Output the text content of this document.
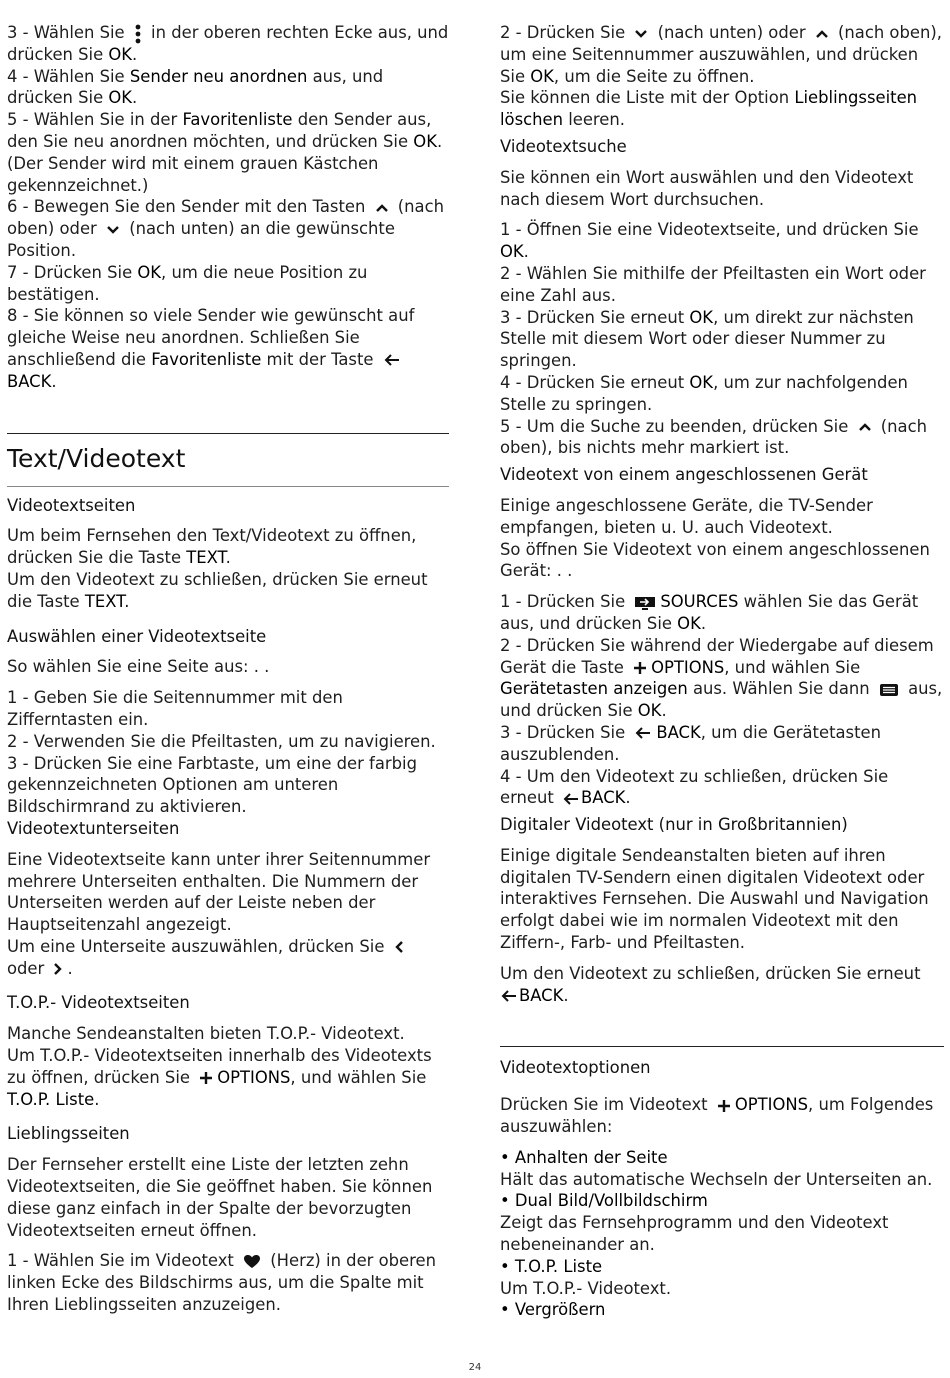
3 - Wählen Sie
in der oberen rechten Ecke aus, und drücken Sie OK.

4 - Wählen Sie Sender neu anordnen aus, und drücken Sie OK.

5 - Wählen Sie in der Favoritenliste den Sender aus, den Sie neu anordnen möchten, und drücken Sie OK. (Der Sender wird mit einem grauen Kästchen gekennzeichnet.)

6 - Bewegen Sie den Sender mit den Tasten
(nach oben) oder
(nach unten) an die gewünschte Position.

7 - Drücken Sie OK, um die neue Position zu bestätigen.

8 - Sie können so viele Sender wie gewünscht auf gleiche Weise neu anordnen. Schließen Sie anschließend die Favoritenliste mit der Taste
BACK.

Text/Videotext

Videotextseiten

Um beim Fernsehen den Text/Videotext zu öffnen, drücken Sie die Taste TEXT.

Um den Videotext zu schließen, drücken Sie erneut die Taste TEXT.

Auswählen einer Videotextseite

So wählen Sie eine Seite aus: . .

1 - Geben Sie die Seitennummer mit den Zifferntasten ein.

2 - Verwenden Sie die Pfeiltasten, um zu navigieren.

3 - Drücken Sie eine Farbtaste, um eine der farbig gekennzeichneten Optionen am unteren Bildschirmrand zu aktivieren.

Videotextunterseiten

Eine Videotextseite kann unter ihrer Seitennummer mehrere Unterseiten enthalten. Die Nummern der Unterseiten werden auf der Leiste neben der Hauptseitenzahl angezeigt.

Um eine Unterseite auszuwählen, drücken Sie
oder
.

T.O.P.- Videotextseiten

Manche Sendeanstalten bieten T.O.P.- Videotext.

Um T.O.P.- Videotextseiten innerhalb des Videotexts zu öffnen, drücken Sie
OPTIONS, und wählen Sie T.O.P. Liste.

Lieblingsseiten

Der Fernseher erstellt eine Liste der letzten zehn Videotextseiten, die Sie geöffnet haben. Sie können diese ganz einfach in der Spalte der bevorzugten Videotextseiten erneut öffnen.

1 - Wählen Sie im Videotext
(Herz) in der oberen linken Ecke des Bildschirms aus, um die Spalte mit Ihren Lieblingsseiten anzuzeigen.

2 - Drücken Sie
(nach unten) oder
(nach oben), um eine Seitennummer auszuwählen, und drücken Sie OK, um die Seite zu öffnen.

Sie können die Liste mit der Option Lieblingsseiten löschen leeren.

Videotextsuche

Sie können ein Wort auswählen und den Videotext nach diesem Wort durchsuchen.

1 - Öffnen Sie eine Videotextseite, und drücken Sie OK.

2 - Wählen Sie mithilfe der Pfeiltasten ein Wort oder eine Zahl aus.

3 - Drücken Sie erneut OK, um direkt zur nächsten Stelle mit diesem Wort oder dieser Nummer zu springen.

4 - Drücken Sie erneut OK, um zur nachfolgenden Stelle zu springen.

5 - Um die Suche zu beenden, drücken Sie
(nach oben), bis nichts mehr markiert ist.

Videotext von einem angeschlossenen Gerät

Einige angeschlossene Geräte, die TV-Sender empfangen, bieten u. U. auch Videotext.

So öffnen Sie Videotext von einem angeschlossenen Gerät: . .

1 - Drücken Sie
SOURCES wählen Sie das Gerät aus, und drücken Sie OK.

2 - Drücken Sie während der Wiedergabe auf diesem Gerät die Taste
OPTIONS, und wählen Sie Gerätetasten anzeigen aus. Wählen Sie dann
aus, und drücken Sie OK.

3 - Drücken Sie
BACK, um die Gerätetasten auszublenden.

4 - Um den Videotext zu schließen, drücken Sie erneut
BACK.

Digitaler Videotext (nur in Großbritannien)

Einige digitale Sendeanstalten bieten auf ihren digitalen TV-Sendern einen digitalen Videotext oder interaktives Fernsehen. Die Auswahl und Navigation erfolgt dabei wie im normalen Videotext mit den Ziffern-, Farb- und Pfeiltasten.

Um den Videotext zu schließen, drücken Sie erneut
BACK.

Videotextoptionen

Drücken Sie im Videotext
OPTIONS, um Folgendes auszuwählen:

• Anhalten der Seite

Hält das automatische Wechseln der Unterseiten an.

• Dual Bild/Vollbildschirm

Zeigt das Fernsehprogramm und den Videotext nebeneinander an.

• T.O.P. Liste

Um T.O.P.- Videotext.

• Vergrößern

24
